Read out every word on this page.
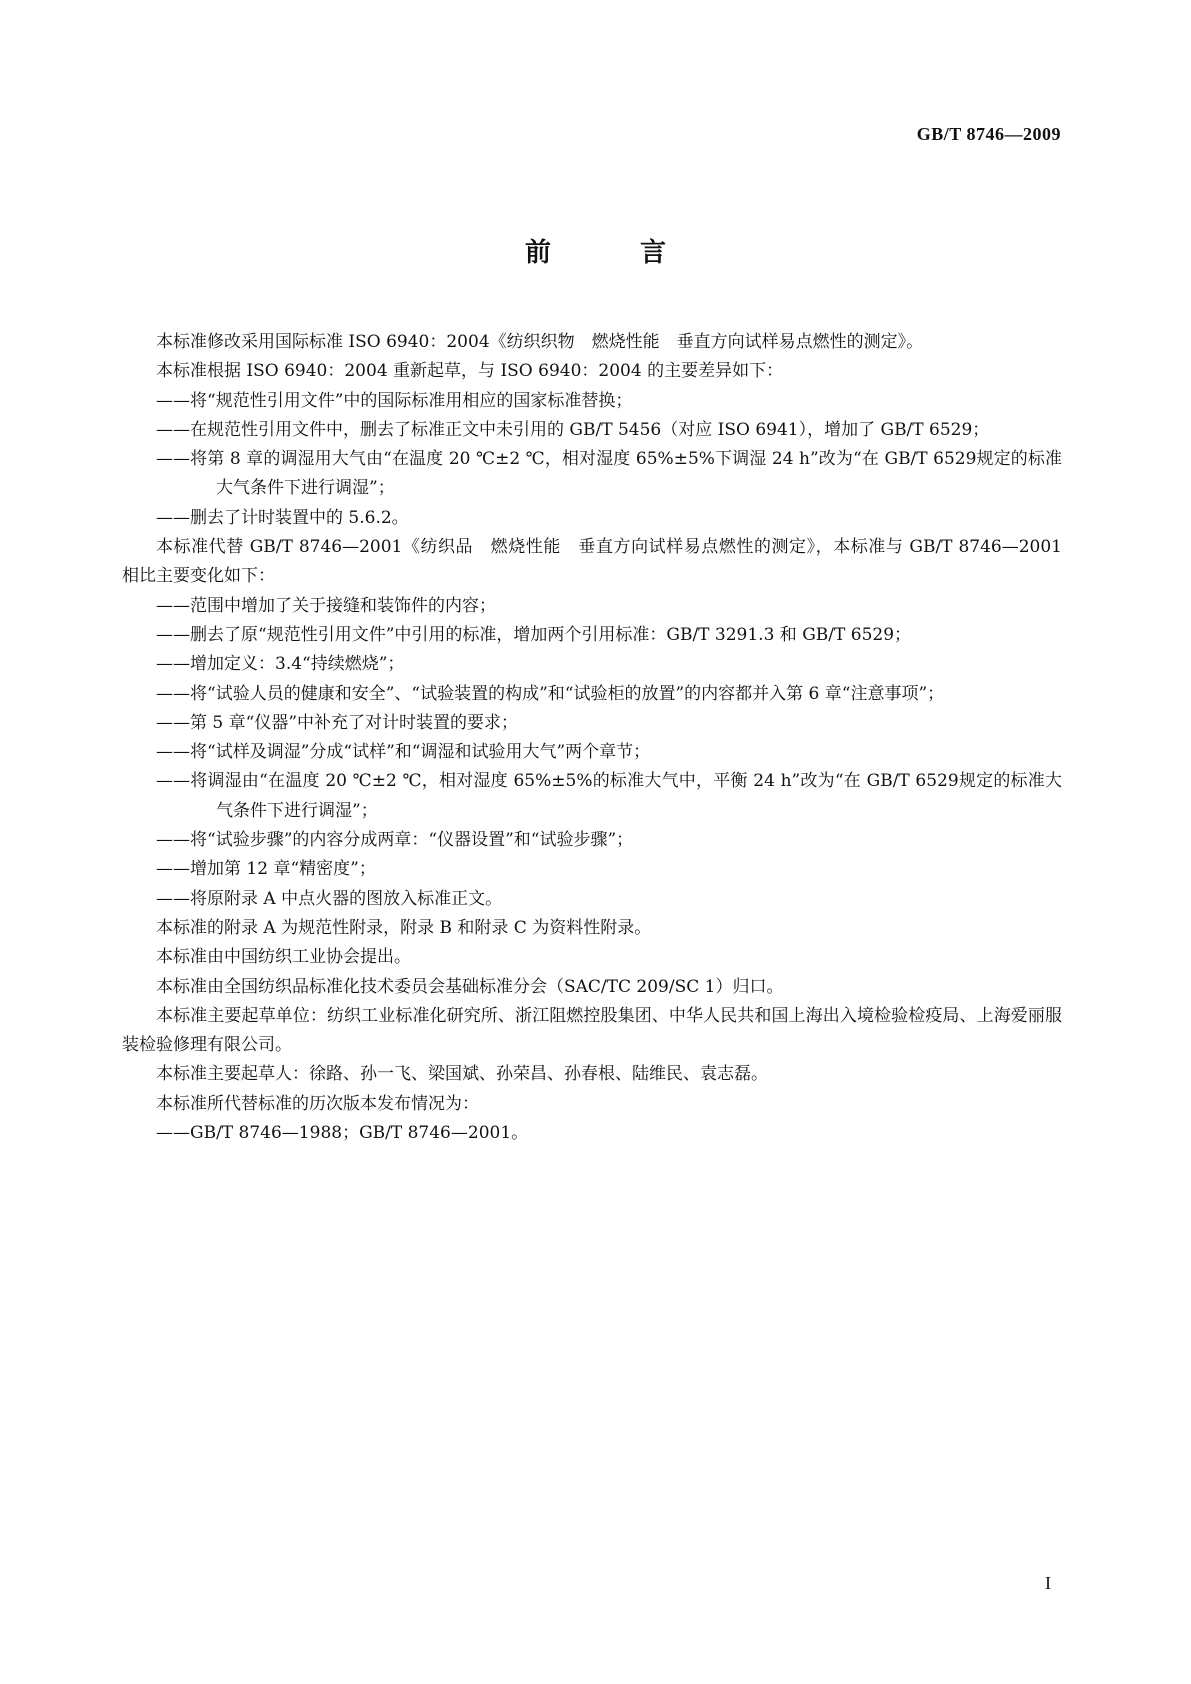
GB/T 8746—2009
前 言

本标准修改采用国际标准 ISO 6940：2004《纺织织物　燃烧性能　垂直方向试样易点燃性的测定》。

本标准根据 ISO 6940：2004 重新起草，与 ISO 6940：2004 的主要差异如下：

——将“规范性引用文件”中的国际标准用相应的国家标准替换；

——在规范性引用文件中，删去了标准正文中未引用的 GB/T 5456（对应 ISO 6941），增加了 GB/T 6529；

——将第 8 章的调湿用大气由“在温度 20 ℃±2 ℃，相对湿度 65%±5%下调湿 24 h”改为“在 GB/T 6529规定的标准大气条件下进行调湿”；

——删去了计时装置中的 5.6.2。

本标准代替 GB/T 8746—2001《纺织品　燃烧性能　垂直方向试样易点燃性的测定》，本标准与 GB/T 8746—2001 相比主要变化如下：

——范围中增加了关于接缝和装饰件的内容；

——删去了原“规范性引用文件”中引用的标准，增加两个引用标准：GB/T 3291.3 和 GB/T 6529；

——增加定义：3.4“持续燃烧”；

——将“试验人员的健康和安全”、“试验装置的构成”和“试验柜的放置”的内容都并入第 6 章“注意事项”；

——第 5 章“仪器”中补充了对计时装置的要求；

——将“试样及调湿”分成“试样”和“调湿和试验用大气”两个章节；

——将调湿由“在温度 20 ℃±2 ℃，相对湿度 65%±5%的标准大气中，平衡 24 h”改为“在 GB/T 6529规定的标准大气条件下进行调湿”；

——将“试验步骤”的内容分成两章：“仪器设置”和“试验步骤”；

——增加第 12 章“精密度”；

——将原附录 A 中点火器的图放入标准正文。

本标准的附录 A 为规范性附录，附录 B 和附录 C 为资料性附录。

本标准由中国纺织工业协会提出。

本标准由全国纺织品标准化技术委员会基础标准分会（SAC/TC 209/SC 1）归口。

本标准主要起草单位：纺织工业标准化研究所、浙江阻燃控股集团、中华人民共和国上海出入境检验检疫局、上海爱丽服装检验修理有限公司。

本标准主要起草人：徐路、孙一飞、梁国斌、孙荣昌、孙春根、陆维民、袁志磊。

本标准所代替标准的历次版本发布情况为：

——GB/T 8746—1988；GB/T 8746—2001。

I
